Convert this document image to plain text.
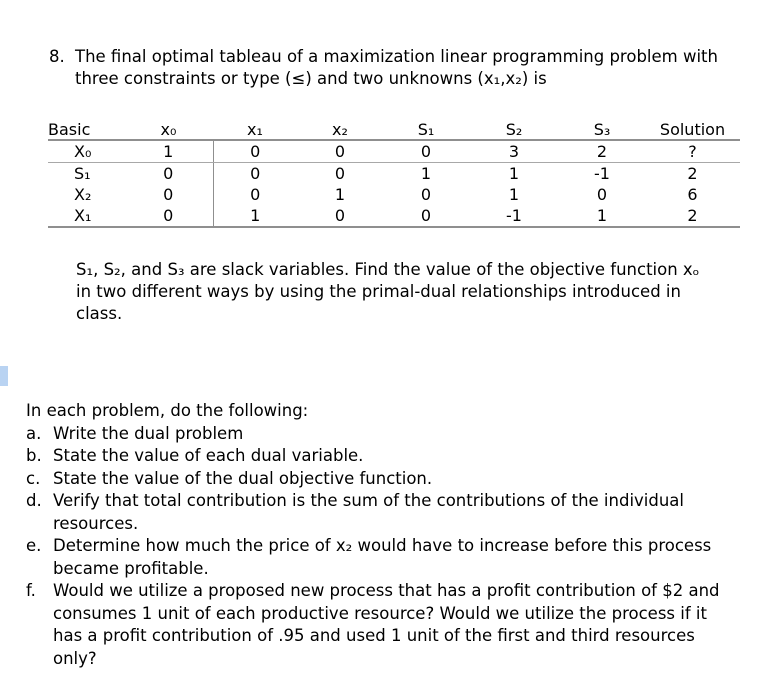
8. The final optimal tableau of a maximization linear programming problem with
three constraints or type (≤) and two unknowns (x₁,x₂) is
Basic	x₀	x₁	x₂	S₁	S₂	S₃	Solution
X₀	1	0	0	0	3	2	?
S₁	0	0	0	1	1	-1	2
X₂	0	0	1	0	1	0	6
X₁	0	1	0	0	-1	1	2
S₁, S₂, and S₃ are slack variables. Find the value of the objective function xₒ
in two different ways by using the primal-dual relationships introduced in
class.
In each problem, do the following:
a. Write the dual problem
b. State the value of each dual variable.
c. State the value of the dual objective function.
d. Verify that total contribution is the sum of the contributions of the individual resources.
e. Determine how much the price of x₂ would have to increase before this process became profitable.
f. Would we utilize a proposed new process that has a profit contribution of $2 and consumes 1 unit of each productive resource? Would we utilize the process if it has a profit contribution of .95 and used 1 unit of the first and third resources only?
